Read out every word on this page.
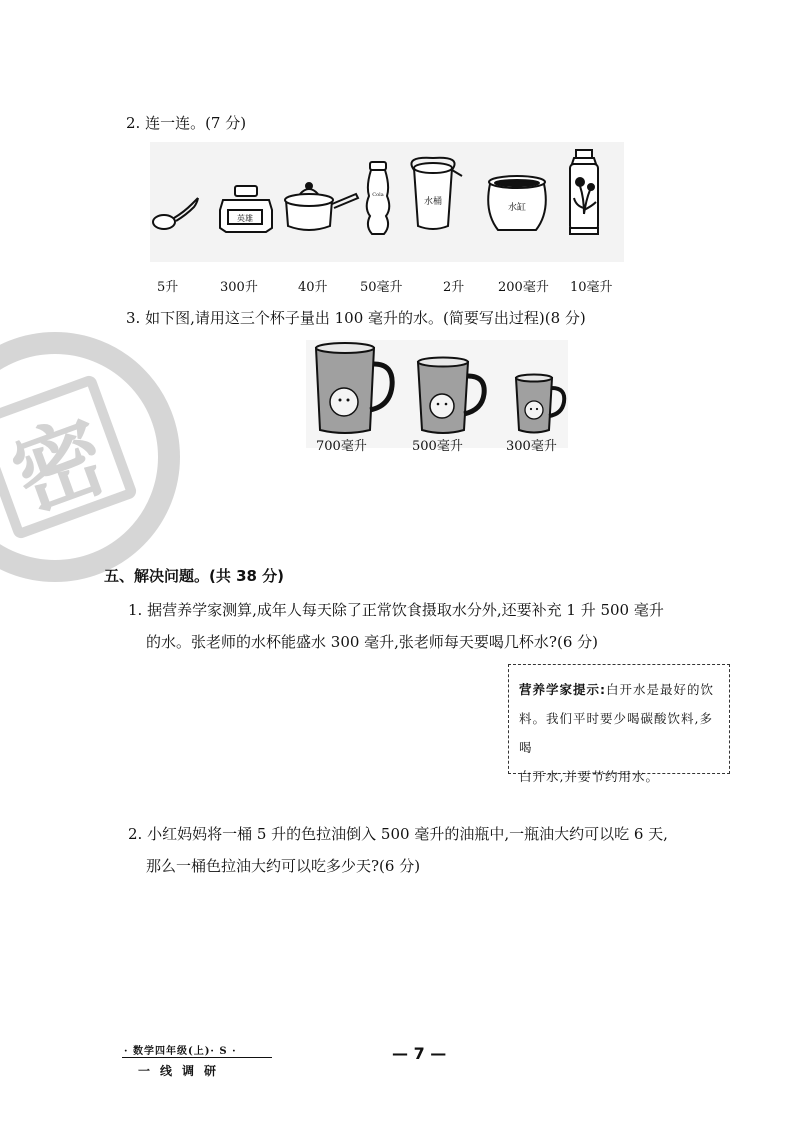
密
2. 连一连。(7 分)
英雄
Cola
水桶
水缸
5升	300升	40升 50毫升	2升	200毫升 10毫升
3. 如下图,请用这三个杯子量出 100 毫升的水。(简要写出过程)(8 分)
700毫升	500毫升	300毫升
五、解决问题。(共 38 分)
1. 据营养学家测算,成年人每天除了正常饮食摄取水分外,还要补充 1 升 500 毫升
的水。张老师的水杯能盛水 300 毫升,张老师每天要喝几杯水?(6 分)
营养学家提示:白开水是最好的饮
料。我们平时要少喝碳酸饮料,多喝
白开水,并要节约用水。
2. 小红妈妈将一桶 5 升的色拉油倒入 500 毫升的油瓶中,一瓶油大约可以吃 6 天,
那么一桶色拉油大约可以吃多少天?(6 分)
· 数学四年级(上)· S ·
一线调研
— 7 —
